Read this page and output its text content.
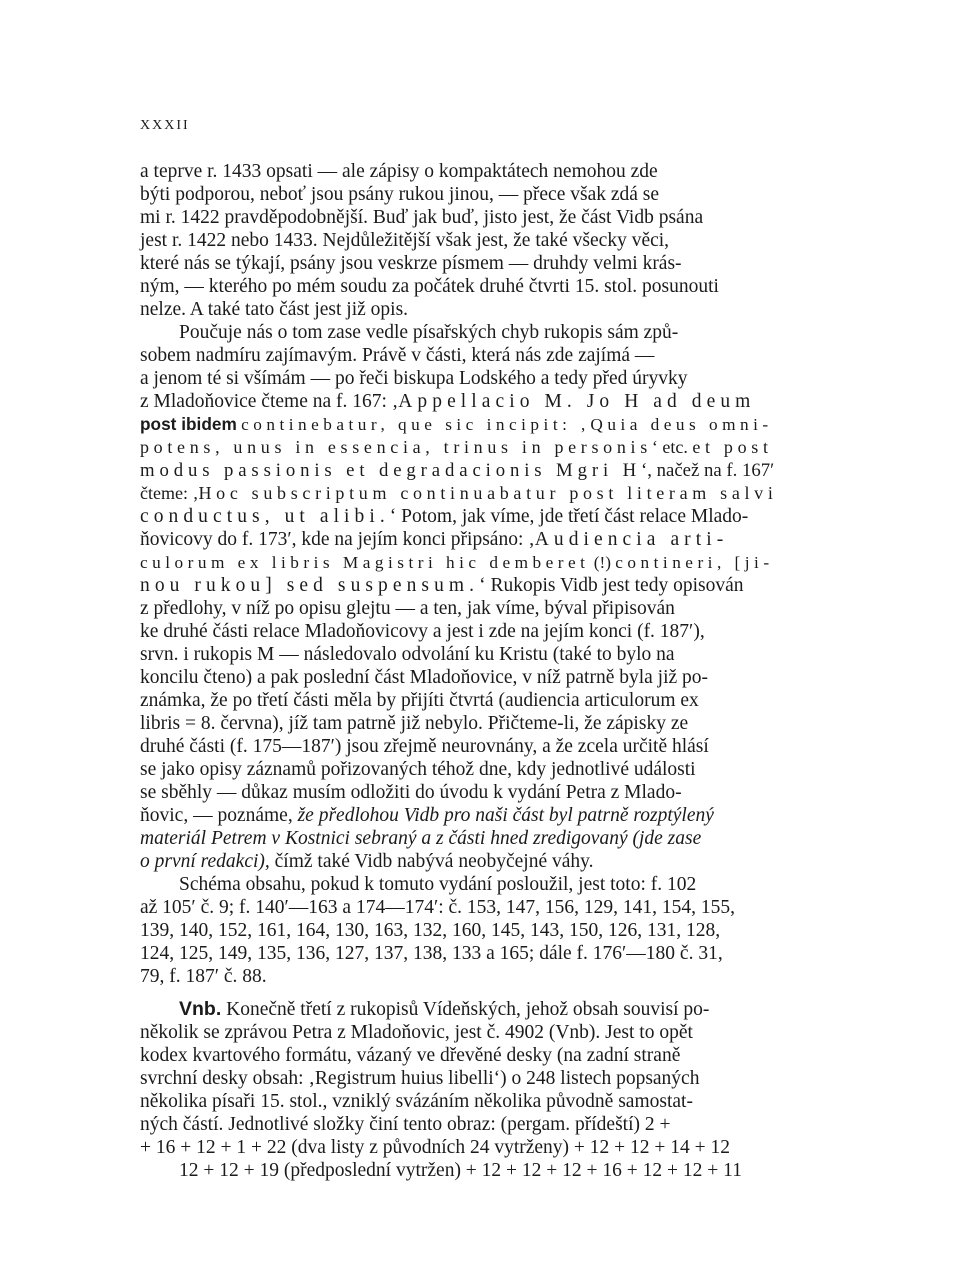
XXXII
a teprve r. 1433 opsati — ale zápisy o kompaktátech nemohou zde
býti podporou, neboť jsou psány rukou jinou, — přece však zdá se
mi r. 1422 pravděpodobnější. Buď jak buď, jisto jest, že část Vidb psána
jest r. 1422 nebo 1433. Nejdůležitější však jest, že také všecky věci,
které nás se týkají, psány jsou veskrze písmem — druhdy velmi krás-
ným, — kterého po mém soudu za počátek druhé čtvrti 15. stol. posunouti
nelze. A také tato část jest již opis.
  Poučuje nás o tom zase vedle písařských chyb rukopis sám způ-
sobem nadmíru zajímavým. Právě v části, která nás zde zajímá —
a jenom té si všímám — po řeči biskupa Lodského a tedy před úryvky
z Mladoňovice čteme na f. 167: ‚Appellacio M. Jo H ad deum
post ibidem continebatur, que sic incipit: ‚Quia deus omni-
potens, unus in essencia, trinus in personis‘ etc. et post
modus passionis et degradacionis Mgri H‘, načež na f. 167′
čteme: ‚Hoc subscriptum continuabatur post literam salvi
conductus, ut alibi.‘ Potom, jak víme, jde třetí část relace Mlado-
ňovicovy do f. 173′, kde na jejím konci připsáno: ‚Audiencia arti-
culorum ex libris Magistri hic demberet (!) contineri, [ji-
nou rukou] sed suspensum.‘ Rukopis Vidb jest tedy opisován
z předlohy, v níž po opisu glejtu — a ten, jak víme, býval připisován
ke druhé části relace Mladoňovicovy a jest i zde na jejím konci (f. 187′),
srvn. i rukopis M — následovalo odvolání ku Kristu (také to bylo na
koncilu čteno) a pak poslední část Mladoňovice, v níž patrně byla již po-
známka, že po třetí části měla by přijíti čtvrtá (audiencia articulorum ex
libris = 8. června), jíž tam patrně již nebylo. Přičteme-li, že zápisky ze
druhé části (f. 175—187′) jsou zřejmě neurovnány, a že zcela určitě hlásí
se jako opisy záznamů pořizovaných téhož dne, kdy jednotlivé události
se sběhly — důkaz musím odložiti do úvodu k vydání Petra z Mlado-
ňovic, — poznáme, že předlohou Vidb pro naši část byl patrně rozptýlený
materiál Petrem v Kostnici sebraný a z části hned zredigovaný (jde zase
o první redakci), čímž také Vidb nabývá neobyčejné váhy.
  Schéma obsahu, pokud k tomuto vydání posloužil, jest toto: f. 102
až 105′ č. 9; f. 140′—163 a 174—174′: č. 153, 147, 156, 129, 141, 154, 155,
139, 140, 152, 161, 164, 130, 163, 132, 160, 145, 143, 150, 126, 131, 128,
124, 125, 149, 135, 136, 127, 137, 138, 133 a 165; dále f. 176′—180 č. 31,
79, f. 187′ č. 88.
  Vnb. Konečně třetí z rukopisů Vídeňských, jehož obsah souvisí po-
několik se zprávou Petra z Mladoňovic, jest č. 4902 (Vnb). Jest to opět
kodex kvartového formátu, vázaný ve dřevěné desky (na zadní straně
svrchní desky obsah: ‚Registrum huius libelli‘) o 248 listech popsaných
několika písaři 15. stol., vzniklý svázáním několika původně samostat-
ných částí. Jednotlivé složky činí tento obraz: (pergam. přídeští) 2 +
+ 16 + 12 + 1 + 22 (dva listy z původních 24 vytrženy) + 12 + 12 + 14 + 12
  12 + 12 + 19 (předposlední vytržen) + 12 + 12 + 12 + 16 + 12 + 12 + 11
